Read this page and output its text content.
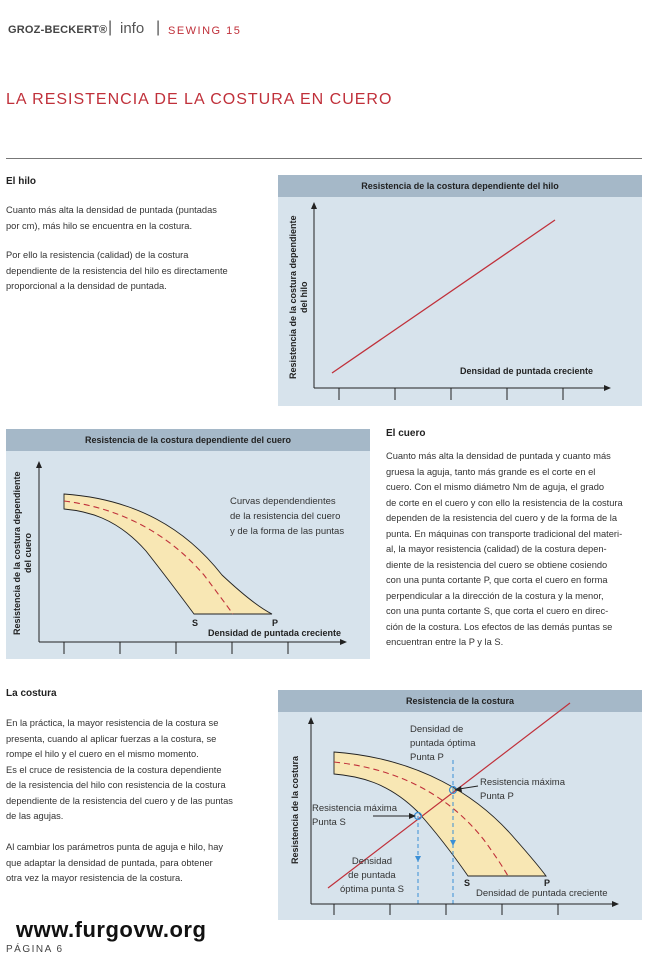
GROZ-BECKERT® | info | SEWING 15
LA RESISTENCIA DE LA COSTURA EN CUERO
El hilo
Cuanto más alta la densidad de puntada (puntadas
por cm), más hilo se encuentra en la costura.
Por ello la resistencia (calidad) de la costura
dependiente de la resistencia del hilo es directamente
proporcional a la densidad de puntada.
Resistencia de la costura dependiente del hilo
Resistencia de la costura dependiente
del hilo
Densidad de puntada creciente
Resistencia de la costura dependiente del cuero
Resistencia de la costura dependiente
del cuero
Curvas dependendientes
de la resistencia del cuero
y de la forma de las puntas
S	P
Densidad de puntada creciente
El cuero
Cuanto más alta la densidad de puntada y cuanto más
gruesa la aguja, tanto más grande es el corte en el
cuero. Con el mismo diámetro Nm de aguja, el grado
de corte en el cuero y con ello la resistencia de la costura
dependen de la resistencia del cuero y de la forma de la
punta. En máquinas con transporte tradicional del materi-
al, la mayor resistencia (calidad) de la costura depen-
diente de la resistencia del cuero se obtiene cosiendo
con una punta cortante P, que corta el cuero en forma
perpendicular a la dirección de la costura y la menor,
con una punta cortante S, que corta el cuero en direc-
ción de la costura. Los efectos de las demás puntas se
encuentran entre la P y la S.
La costura
En la práctica, la mayor resistencia de la costura se
presenta, cuando al aplicar fuerzas a la costura, se
rompe el hilo y el cuero en el mismo momento.
Es el cruce de resistencia de la costura dependiente
de la resistencia del hilo con resistencia de la costura
dependiente de la resistencia del cuero y de las puntas
de las agujas.
Al cambiar los parámetros punta de aguja e hilo, hay
que adaptar la densidad de puntada, para obtener
otra vez la mayor resistencia de la costura.
Resistencia de la costura
Resistencia de la costura
Densidad de
puntada óptima
Punta P
Resistencia máxima
Punta P
Resistencia máxima
Punta S
Densidad
de puntada
óptima punta S
S	P
Densidad de puntada creciente
www.furgovw.org
PÁGINA 6
